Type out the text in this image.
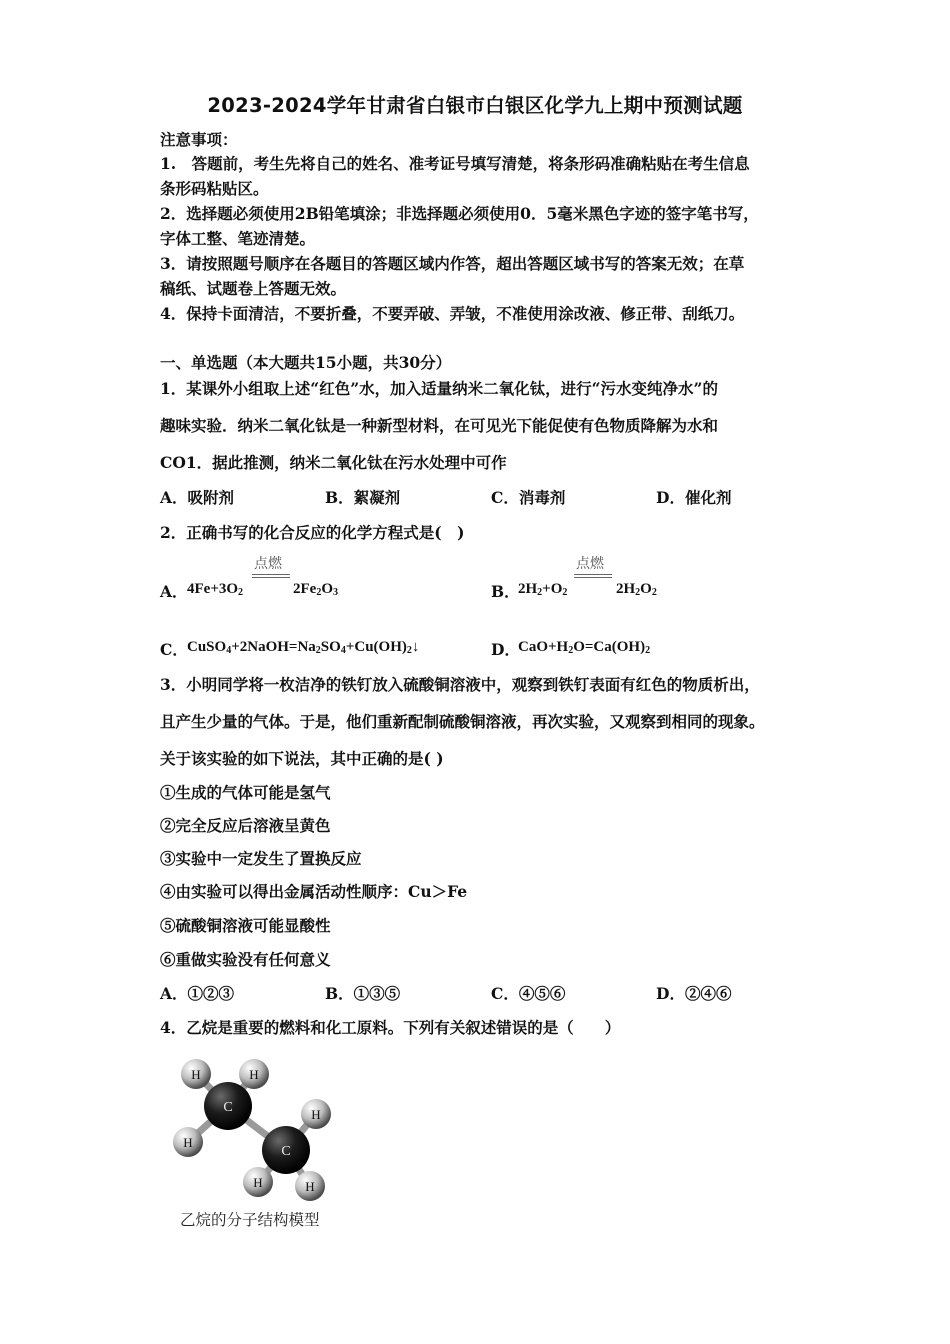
2023-2024学年甘肃省白银市白银区化学九上期中预测试题
注意事项：
1.　答题前，考生先将自己的姓名、准考证号填写清楚，将条形码准确粘贴在考生信息
条形码粘贴区。
2．选择题必须使用2B铅笔填涂；非选择题必须使用0．5毫米黑色字迹的签字笔书写，
字体工整、笔迹清楚。
3．请按照题号顺序在各题目的答题区域内作答，超出答题区域书写的答案无效；在草
稿纸、试题卷上答题无效。
4．保持卡面清洁，不要折叠，不要弄破、弄皱，不准使用涂改液、修正带、刮纸刀。
一、单选题（本大题共15小题，共30分）
1．某课外小组取上述“红色”水，加入适量纳米二氧化钛，进行“污水变纯净水”的
趣味实验．纳米二氧化钛是一种新型材料，在可见光下能促使有色物质降解为水和
CO1．据此推测，纳米二氧化钛在污水处理中可作
A．吸附剂	B．絮凝剂	C．消毒剂	D．催化剂
2．正确书写的化合反应的化学方程式是(　)
A． $4Fe+3O_2$
点燃
$2Fe_2O_3$	B．
$2H_2+O_2$
点燃
$2H_2O_2$
C． $CuSO_4+2NaOH=Na_2SO_4+Cu(OH)_2↓$	D．
$CaO+H_2O=Ca(OH)_2$
3．小明同学将一枚洁净的铁钉放入硫酸铜溶液中，观察到铁钉表面有红色的物质析出，
且产生少量的气体。于是，他们重新配制硫酸铜溶液，再次实验，又观察到相同的现象。
关于该实验的如下说法，其中正确的是( )
①生成的气体可能是氢气
②完全反应后溶液呈黄色
③实验中一定发生了置换反应
④由实验可以得出金属活动性顺序：Cu＞Fe
⑤硫酸铜溶液可能显酸性
⑥重做实验没有任何意义
A．①②③	B．①③⑤	C．④⑤⑥	D．②④⑥
4．乙烷是重要的燃料和化工原料。下列有关叙述错误的是（　　）
H	H
H
C	H
C
H	H
乙烷的分子结构模型
